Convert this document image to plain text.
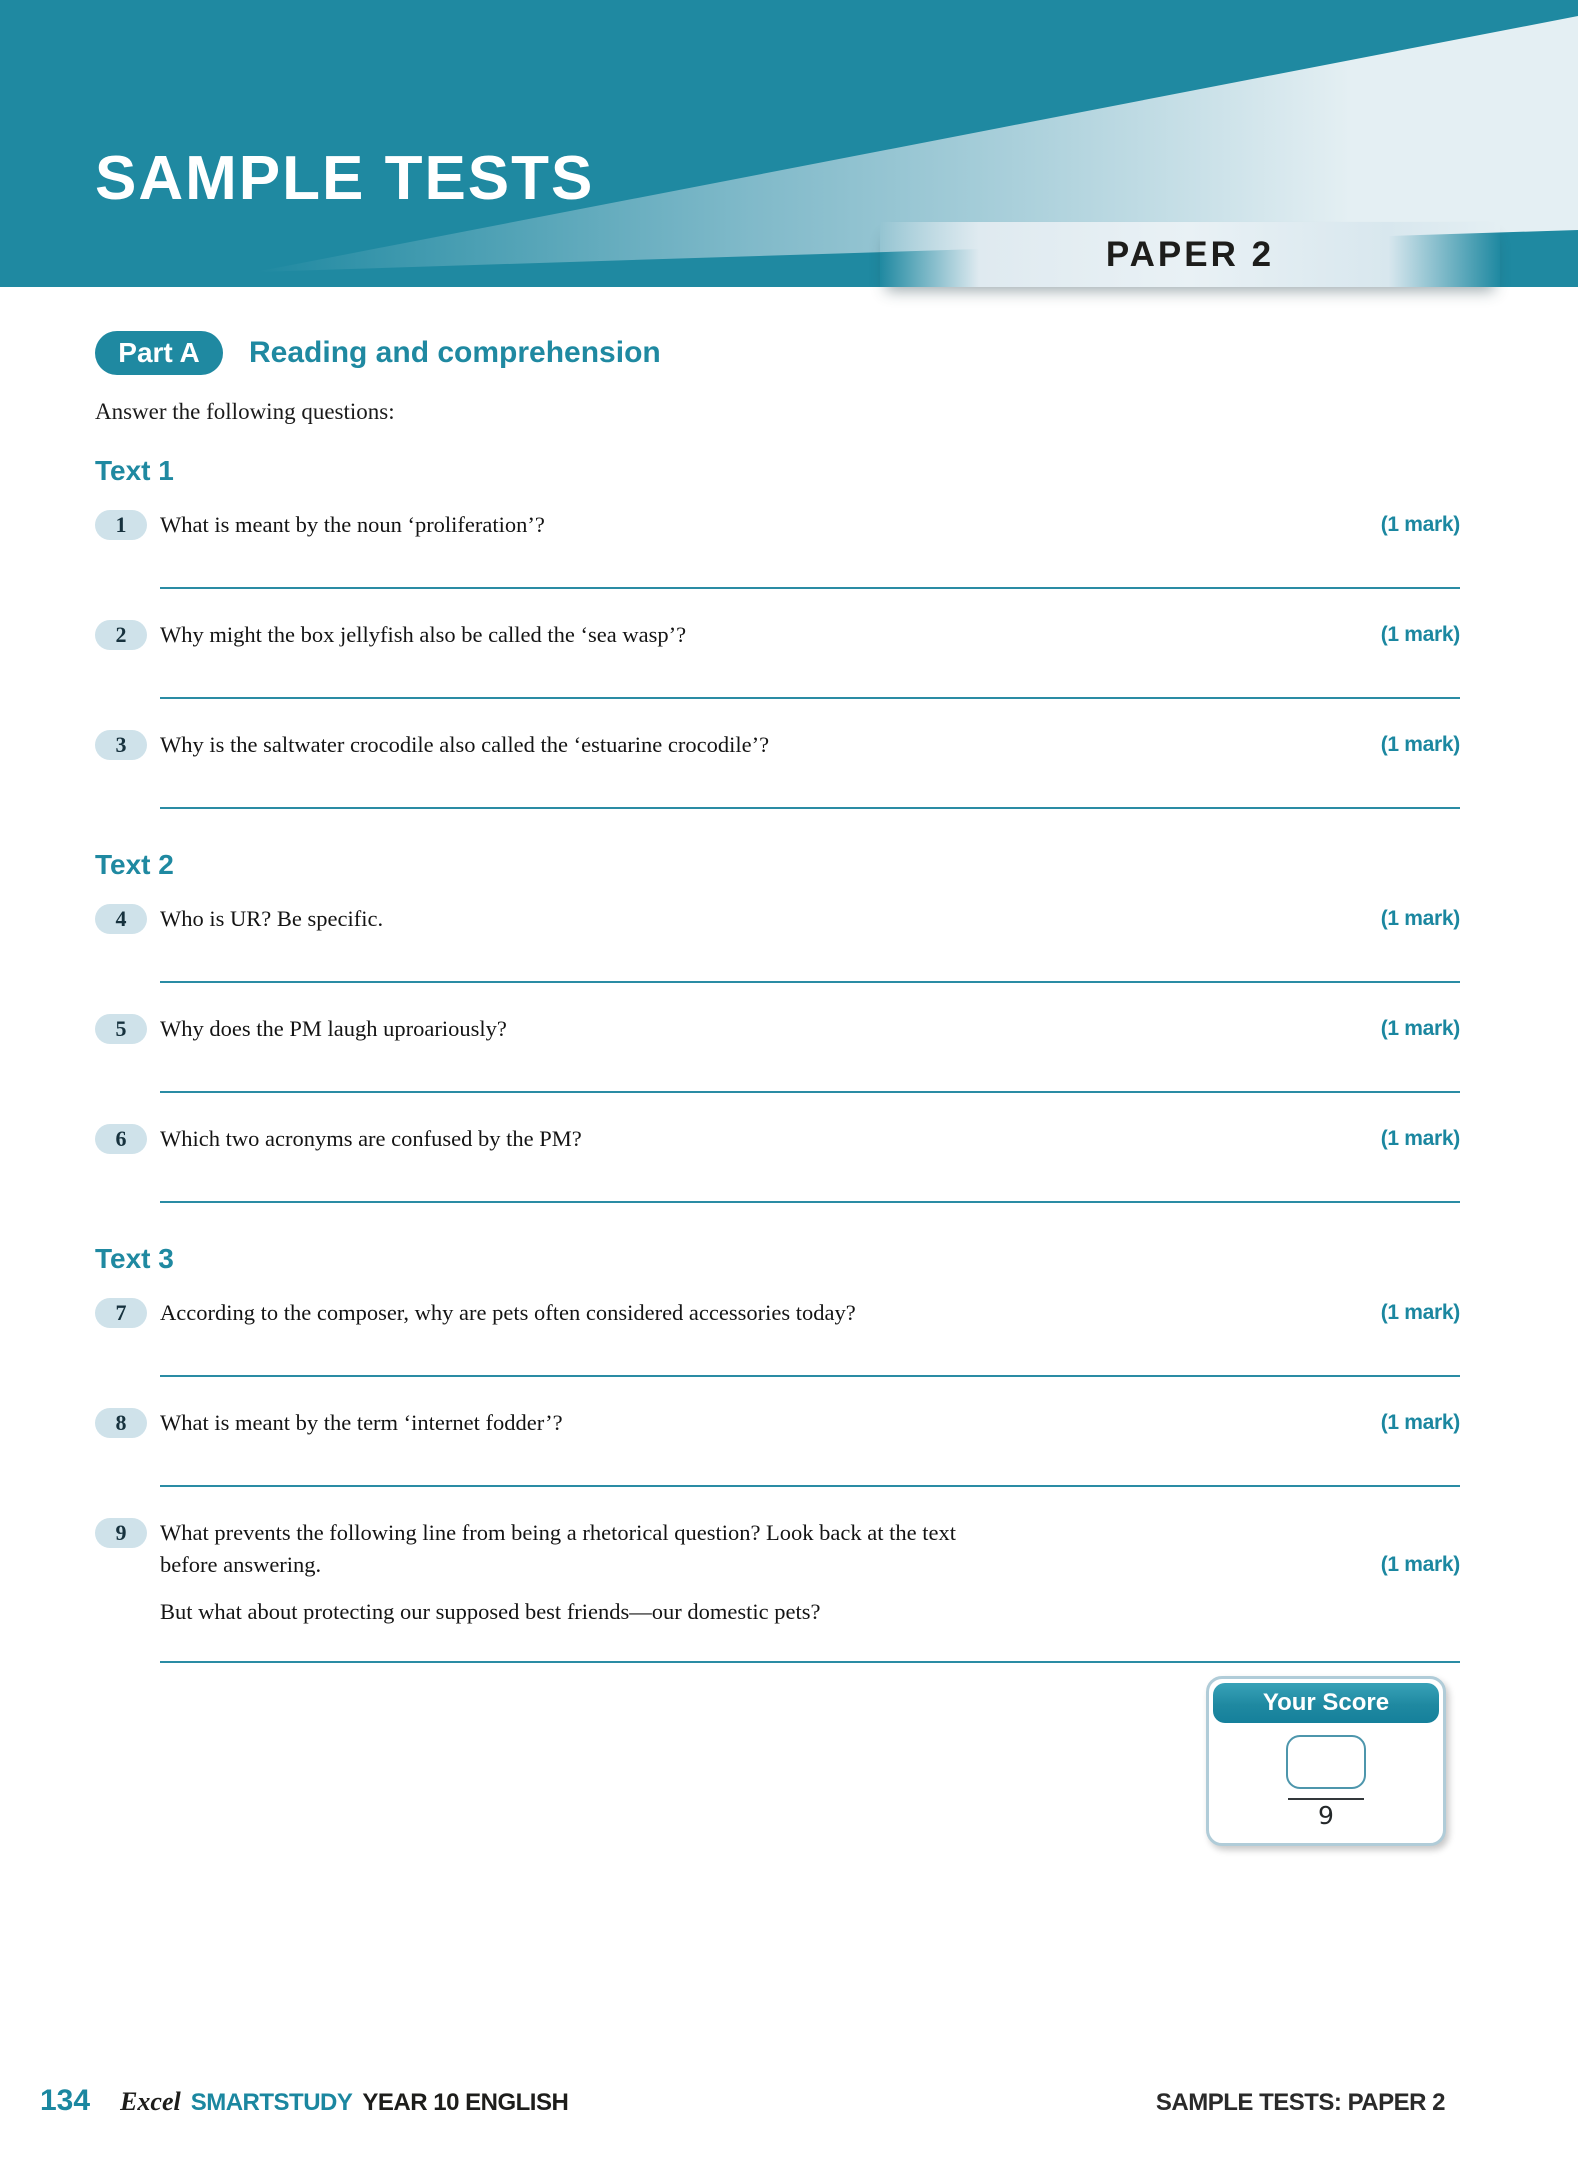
SAMPLE TESTS
PAPER 2
Part A	Reading and comprehension

Answer the following questions:

Text 1
1	What is meant by the noun ‘proliferation’?	(1 mark)
2	Why might the box jellyfish also be called the ‘sea wasp’?	(1 mark)
3	Why is the saltwater crocodile also called the ‘estuarine crocodile’?	(1 mark)
Text 2
4	Who is UR? Be specific.	(1 mark)
5	Why does the PM laugh uproariously?	(1 mark)
6	Which two acronyms are confused by the PM?	(1 mark)
Text 3
7	According to the composer, why are pets often considered accessories today?	(1 mark)
8	What is meant by the term ‘internet fodder’?	(1 mark)
9	What prevents the following line from being a rhetorical question? Look back at the text before answering.	(1 mark)

But what about protecting our supposed best friends—our domestic pets?

Your Score
9
134 Excel SMARTSTUDY YEAR 10 ENGLISH	SAMPLE TESTS: PAPER 2
